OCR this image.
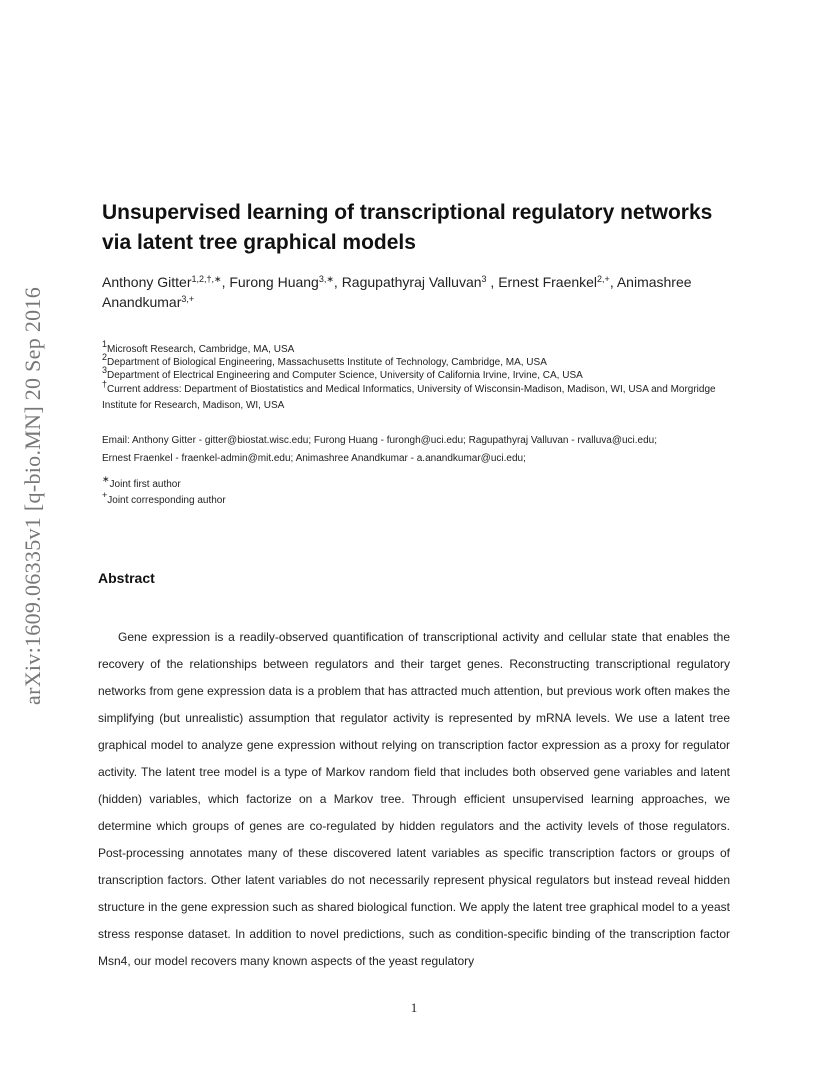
arXiv:1609.06335v1 [q-bio.MN] 20 Sep 2016
Unsupervised learning of transcriptional regulatory networks
via latent tree graphical models
Anthony Gitter$^{1,2,\dagger,∗}$, Furong Huang$^{3,∗}$, Ragupathyraj Valluvan$^3$ , Ernest Fraenkel$^{2,+}$, Animashree Anandkumar$^{3,+}$
$^1$Microsoft Research, Cambridge, MA, USA
$^2$Department of Biological Engineering, Massachusetts Institute of Technology, Cambridge, MA, USA
$^3$Department of Electrical Engineering and Computer Science, University of California Irvine, Irvine, CA, USA
†Current address: Department of Biostatistics and Medical Informatics, University of Wisconsin-Madison, Madison, WI, USA and Morgridge Institute for Research, Madison, WI, USA
Email: Anthony Gitter - gitter@biostat.wisc.edu; Furong Huang - furongh@uci.edu; Ragupathyraj Valluvan - rvalluva@uci.edu;
Ernest Fraenkel - fraenkel-admin@mit.edu; Animashree Anandkumar - a.anandkumar@uci.edu;
∗Joint first author
+Joint corresponding author
Abstract
Gene expression is a readily-observed quantification of transcriptional activity and cellular state that enables the recovery of the relationships between regulators and their target genes. Reconstructing transcriptional regulatory networks from gene expression data is a problem that has attracted much attention, but previous work often makes the simplifying (but unrealistic) assumption that regulator activity is represented by mRNA levels. We use a latent tree graphical model to analyze gene expression without relying on transcription factor expression as a proxy for regulator activity. The latent tree model is a type of Markov random field that includes both observed gene variables and latent (hidden) variables, which factorize on a Markov tree. Through efficient unsupervised learning approaches, we determine which groups of genes are co-regulated by hidden regulators and the activity levels of those regulators. Post-processing annotates many of these discovered latent variables as specific transcription factors or groups of transcription factors. Other latent variables do not necessarily represent physical regulators but instead reveal hidden structure in the gene expression such as shared biological function. We apply the latent tree graphical model to a yeast stress response dataset. In addition to novel predictions, such as condition-specific binding of the transcription factor Msn4, our model recovers many known aspects of the yeast regulatory
1
